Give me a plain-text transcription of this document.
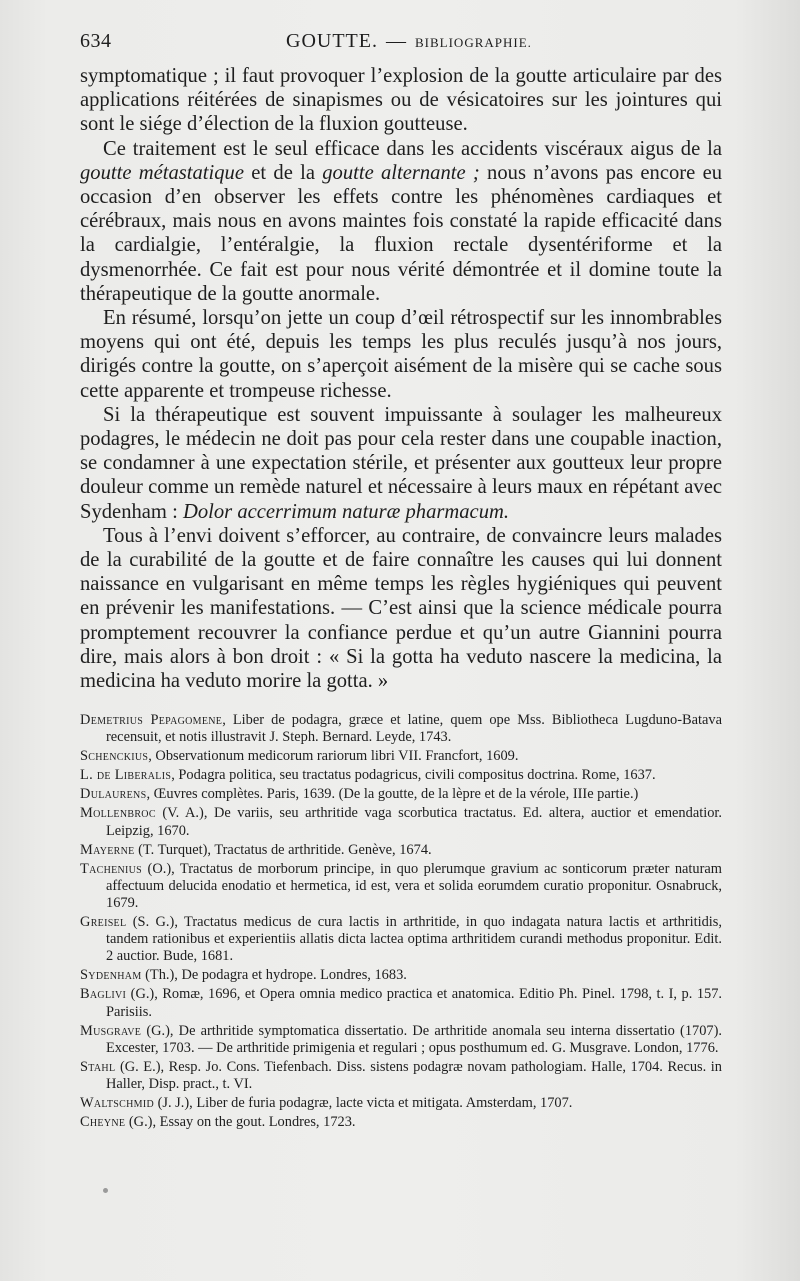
634	GOUTTE. — BIBLIOGRAPHIE.

symptomatique ; il faut provoquer l’explosion de la goutte articulaire par des applications réitérées de sinapismes ou de vésicatoires sur les jointures qui sont le siége d’élection de la fluxion goutteuse.

Ce traitement est le seul efficace dans les accidents viscéraux aigus de la goutte métastatique et de la goutte alternante ; nous n’avons pas encore eu occasion d’en observer les effets contre les phénomènes cardiaques et cérébraux, mais nous en avons maintes fois constaté la rapide efficacité dans la cardialgie, l’entéralgie, la fluxion rectale dysentériforme et la dysmenorrhée. Ce fait est pour nous vérité démontrée et il domine toute la thérapeutique de la goutte anormale.

En résumé, lorsqu’on jette un coup d’œil rétrospectif sur les innombrables moyens qui ont été, depuis les temps les plus reculés jusqu’à nos jours, dirigés contre la goutte, on s’aperçoit aisément de la misère qui se cache sous cette apparente et trompeuse richesse.

Si la thérapeutique est souvent impuissante à soulager les malheureux podagres, le médecin ne doit pas pour cela rester dans une coupable inaction, se condamner à une expectation stérile, et présenter aux goutteux leur propre douleur comme un remède naturel et nécessaire à leurs maux en répétant avec Sydenham : Dolor accerrimum naturæ pharmacum.

Tous à l’envi doivent s’efforcer, au contraire, de convaincre leurs malades de la curabilité de la goutte et de faire connaître les causes qui lui donnent naissance en vulgarisant en même temps les règles hygiéniques qui peuvent en prévenir les manifestations. — C’est ainsi que la science médicale pourra promptement recouvrer la confiance perdue et qu’un autre Giannini pourra dire, mais alors à bon droit : « Si la gotta ha veduto nascere la medicina, la medicina ha veduto morire la gotta. »

Demetrius Pepagomene, Liber de podagra, græce et latine, quem ope Mss. Bibliotheca Lugduno-Batava recensuit, et notis illustravit J. Steph. Bernard. Leyde, 1743.
Schenckius, Observationum medicorum rariorum libri VII. Francfort, 1609.
L. de Liberalis, Podagra politica, seu tractatus podagricus, civili compositus doctrina. Rome, 1637.
Dulaurens, Œuvres complètes. Paris, 1639. (De la goutte, de la lèpre et de la vérole, IIIe partie.)
Mollenbroc (V. A.), De variis, seu arthritide vaga scorbutica tractatus. Ed. altera, auctior et emendatior. Leipzig, 1670.
Mayerne (T. Turquet), Tractatus de arthritide. Genève, 1674.
Tachenius (O.), Tractatus de morborum principe, in quo plerumque gravium ac sonticorum præter naturam affectuum delucida enodatio et hermetica, id est, vera et solida eorumdem curatio proponitur. Osnabruck, 1679.
Greisel (S. G.), Tractatus medicus de cura lactis in arthritide, in quo indagata natura lactis et arthritidis, tandem rationibus et experientiis allatis dicta lactea optima arthritidem curandi methodus proponitur. Edit. 2 auctior. Bude, 1681.
Sydenham (Th.), De podagra et hydrope. Londres, 1683.
Baglivi (G.), Romæ, 1696, et Opera omnia medico practica et anatomica. Editio Ph. Pinel. 1798, t. I, p. 157. Parisiis.
Musgrave (G.), De arthritide symptomatica dissertatio. De arthritide anomala seu interna dissertatio (1707). Excester, 1703. — De arthritide primigenia et regulari ; opus posthumum ed. G. Musgrave. London, 1776.
Stahl (G. E.), Resp. Jo. Cons. Tiefenbach. Diss. sistens podagræ novam pathologiam. Halle, 1704. Recus. in Haller, Disp. pract., t. VI.
Waltschmid (J. J.), Liber de furia podagræ, lacte victa et mitigata. Amsterdam, 1707.
Cheyne (G.), Essay on the gout. Londres, 1723.
